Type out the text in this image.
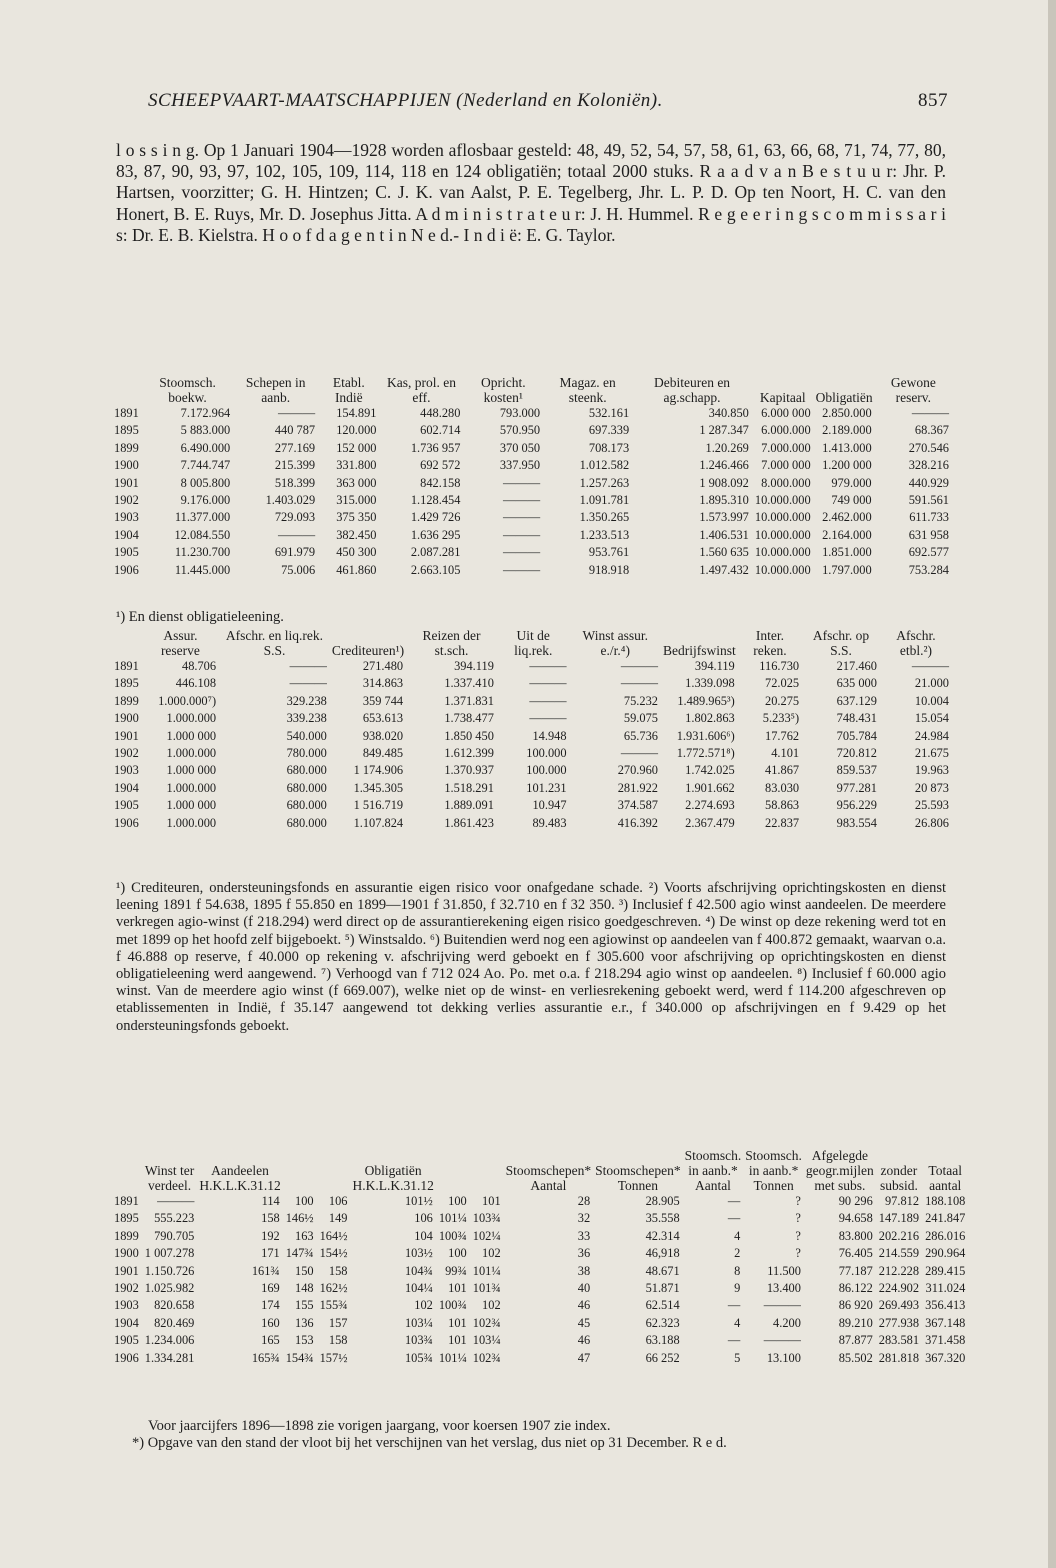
SCHEEPVAART-MAATSCHAPPIJEN (Nederland en Koloniën).	857

l o s s i n g. Op 1 Januari 1904—1928 worden aflosbaar gesteld: 48, 49, 52, 54, 57, 58, 61, 63, 66, 68, 71, 74, 77, 80, 83, 87, 90, 93, 97, 102, 105, 109, 114, 118 en 124 obligatiën; totaal 2000 stuks. R a a d v a n B e s t u u r: Jhr. P. Hartsen, voorzitter; G. H. Hintzen; C. J. K. van Aalst, P. E. Tegelberg, Jhr. L. P. D. Op ten Noort, H. C. van den Honert, B. E. Ruys, Mr. D. Josephus Jitta. A d m i n i s t r a t e u r: J. H. Hummel. R e g e e r i n g s c o m m i s s a r i s: Dr. E. B. Kielstra. H o o f d a g e n t i n N e d.- I n d i ë: E. G. Taylor.

	Stoomsch. boekw.	Schepen in aanb.	Etabl. Indië	Kas, prol. en eff.	Opricht. kosten¹	Magaz. en steenk.	Debiteuren en ag.schapp.	Kapitaal	Obligatiën	Gewone reserv.
1891	7.172.964	———	154.891	448.280	793.000	532.161	340.850	6.000 000	2.850.000	———
1895	5 883.000	440 787	120.000	602.714	570.950	697.339	1 287.347	6.000.000	2.189.000	68.367
1899	6.490.000	277.169	152 000	1.736 957	370 050	708.173	1.20.269	7.000.000	1.413.000	270.546
1900	7.744.747	215.399	331.800	692 572	337.950	1.012.582	1.246.466	7.000 000	1.200 000	328.216
1901	8 005.800	518.399	363 000	842.158	———	1.257.263	1 908.092	8.000.000	979.000	440.929
1902	9.176.000	1.403.029	315.000	1.128.454	———	1.091.781	1.895.310	10.000.000	749 000	591.561
1903	11.377.000	729.093	375 350	1.429 726	———	1.350.265	1.573.997	10.000.000	2.462.000	611.733
1904	12.084.550	———	382.450	1.636 295	———	1.233.513	1.406.531	10.000.000	2.164.000	631 958
1905	11.230.700	691.979	450 300	2.087.281	———	953.761	1.560 635	10.000.000	1.851.000	692.577
1906	11.445.000	75.006	461.860	2.663.105	———	918.918	1.497.432	10.000.000	1.797.000	753.284
¹) En dienst obligatieleening.
	Assur. reserve	Afschr. en liq.rek. S.S.	Crediteuren¹)	Reizen der st.sch.	Uit de liq.rek.	Winst assur. e./r.⁴)	Bedrijfswinst	Inter. reken.	Afschr. op S.S.	Afschr. etbl.²)
1891	48.706	———	271.480	394.119	———	———	394.119	116.730	217.460	———
1895	446.108	———	314.863	1.337.410	———	———	1.339.098	72.025	635 000	21.000
1899	1.000.000⁷)	329.238	359 744	1.371.831	———	75.232	1.489.965³)	20.275	637.129	10.004
1900	1.000.000	339.238	653.613	1.738.477	———	59.075	1.802.863	5.233⁵)	748.431	15.054
1901	1.000 000	540.000	938.020	1.850 450	14.948	65.736	1.931.606⁶)	17.762	705.784	24.984
1902	1.000.000	780.000	849.485	1.612.399	100.000	———	1.772.571⁸)	4.101	720.812	21.675
1903	1.000 000	680.000	1 174.906	1.370.937	100.000	270.960	1.742.025	41.867	859.537	19.963
1904	1.000.000	680.000	1.345.305	1.518.291	101.231	281.922	1.901.662	83.030	977.281	20 873
1905	1.000 000	680.000	1 516.719	1.889.091	10.947	374.587	2.274.693	58.863	956.229	25.593
1906	1.000.000	680.000	1.107.824	1.861.423	89.483	416.392	2.367.479	22.837	983.554	26.806
¹) Crediteuren, ondersteuningsfonds en assurantie eigen risico voor onafgedane schade. ²) Voorts afschrijving oprichtingskosten en dienst leening 1891 f 54.638, 1895 f 55.850 en 1899—1901 f 31.850, f 32.710 en f 32 350. ³) Inclusief f 42.500 agio winst aandeelen. De meerdere verkregen agio-winst (f 218.294) werd direct op de assurantierekening eigen risico goedgeschreven. ⁴) De winst op deze rekening werd tot en met 1899 op het hoofd zelf bijgeboekt. ⁵) Winstsaldo. ⁶) Buitendien werd nog een agiowinst op aandeelen van f 400.872 gemaakt, waarvan o.a. f 46.888 op reserve, f 40.000 op rekening v. afschrijving werd geboekt en f 305.600 voor afschrijving op oprichtingskosten en dienst obligatieleening werd aangewend. ⁷) Verhoogd van f 712 024 Ao. Po. met o.a. f 218.294 agio winst op aandeelen. ⁸) Inclusief f 60.000 agio winst. Van de meerdere agio winst (f 669.007), welke niet op de winst- en verliesrekening geboekt werd, werd f 114.200 afgeschreven op etablissementen in Indië, f 35.147 aangewend tot dekking verlies assurantie e.r., f 340.000 op afschrijvingen en f 9.429 op het ondersteuningsfonds geboekt.
	Winst ter verdeel.	Aandeelen H.K.L.K.31.12			Obligatiën H.K.L.K.31.12			Stoomschepen* Aantal	Stoomschepen* Tonnen	Stoomsch. in aanb.* Aantal	Stoomsch. in aanb.* Tonnen	Afgelegde geogr.mijlen met subs.	zonder subsid.	Totaal aantal
1891	———	114	100	106	101½	100	101	28	28.905	—	?	90 296	97.812	188.108
1895	555.223	158	146½	149	106	101¼	103¾	32	35.558	—	?	94.658	147.189	241.847
1899	790.705	192	163	164½	104	100¾	102¼	33	42.314	4	?	83.800	202.216	286.016
1900	1 007.278	171	147¾	154½	103½	100	102	36	46,918	2	?	76.405	214.559	290.964
1901	1.150.726	161¾	150	158	104¾	99¾	101¼	38	48.671	8	11.500	77.187	212.228	289.415
1902	1.025.982	169	148	162½	104¼	101	101¾	40	51.871	9	13.400	86.122	224.902	311.024
1903	820.658	174	155	155¾	102	100¾	102	46	62.514	—	———	86 920	269.493	356.413
1904	820.469	160	136	157	103¼	101	102¾	45	62.323	4	4.200	89.210	277.938	367.148
1905	1.234.006	165	153	158	103¾	101	103¼	46	63.188	—	———	87.877	283.581	371.458
1906	1.334.281	165¾	154¾	157½	105¾	101¼	102¾	47	66 252	5	13.100	85.502	281.818	367.320
Voor jaarcijfers 1896—1898 zie vorigen jaargang, voor koersen 1907 zie index.
*) Opgave van den stand der vloot bij het verschijnen van het verslag, dus niet op 31 December. R e d.
